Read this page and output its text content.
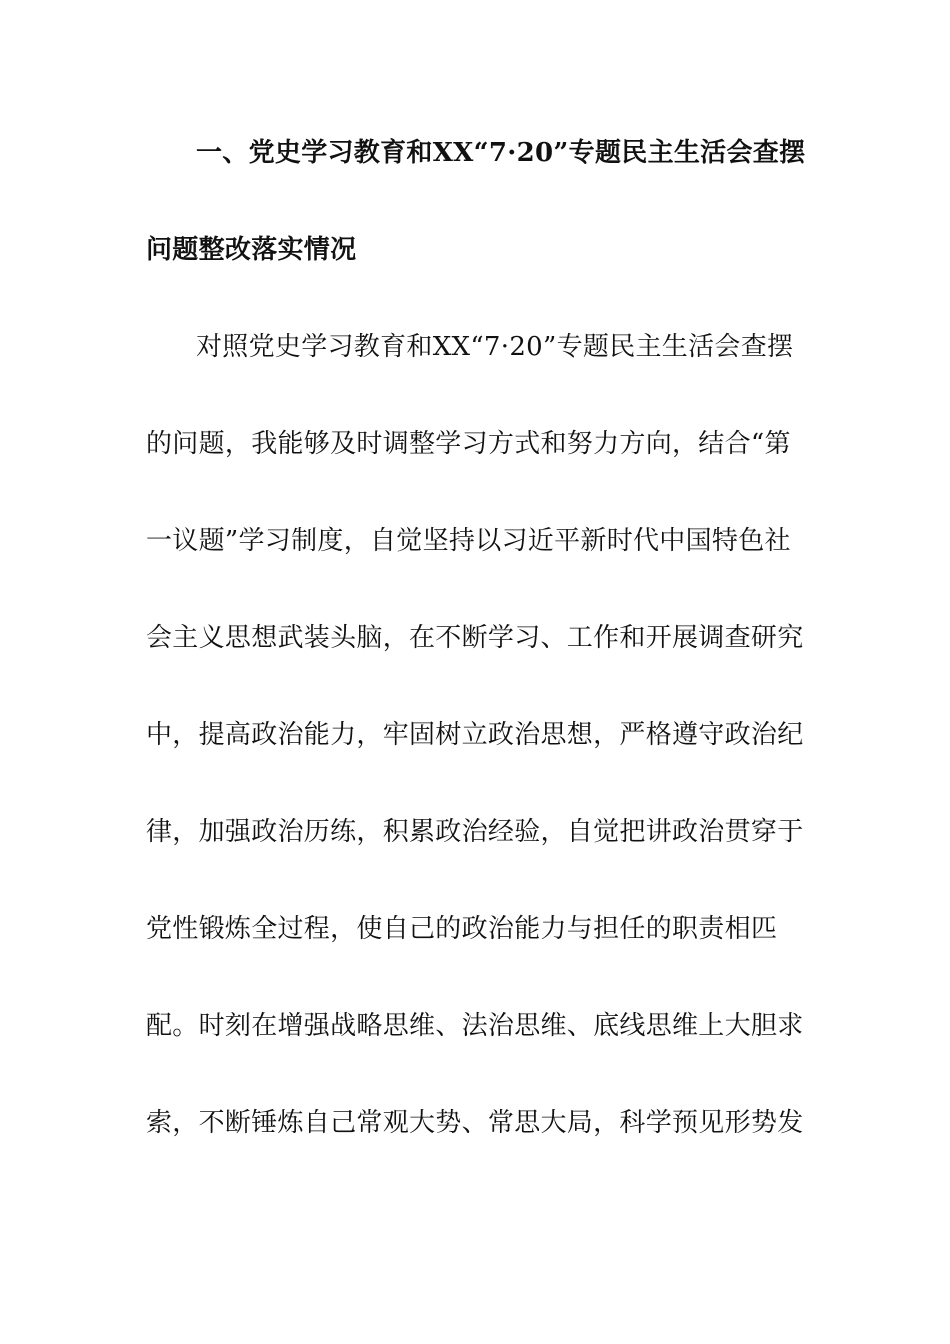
一、党史学习教育和XX“7·20”专题民主生活会查摆
问题整改落实情况
对照党史学习教育和XX“7·20”专题民主生活会查摆
的问题，我能够及时调整学习方式和努力方向，结合“第
一议题”学习制度，自觉坚持以习近平新时代中国特色社
会主义思想武装头脑，在不断学习、工作和开展调查研究
中，提高政治能力，牢固树立政治思想，严格遵守政治纪
律，加强政治历练，积累政治经验，自觉把讲政治贯穿于
党性锻炼全过程，使自己的政治能力与担任的职责相匹
配。时刻在增强战略思维、法治思维、底线思维上大胆求
索，不断锤炼自己常观大势、常思大局，科学预见形势发
